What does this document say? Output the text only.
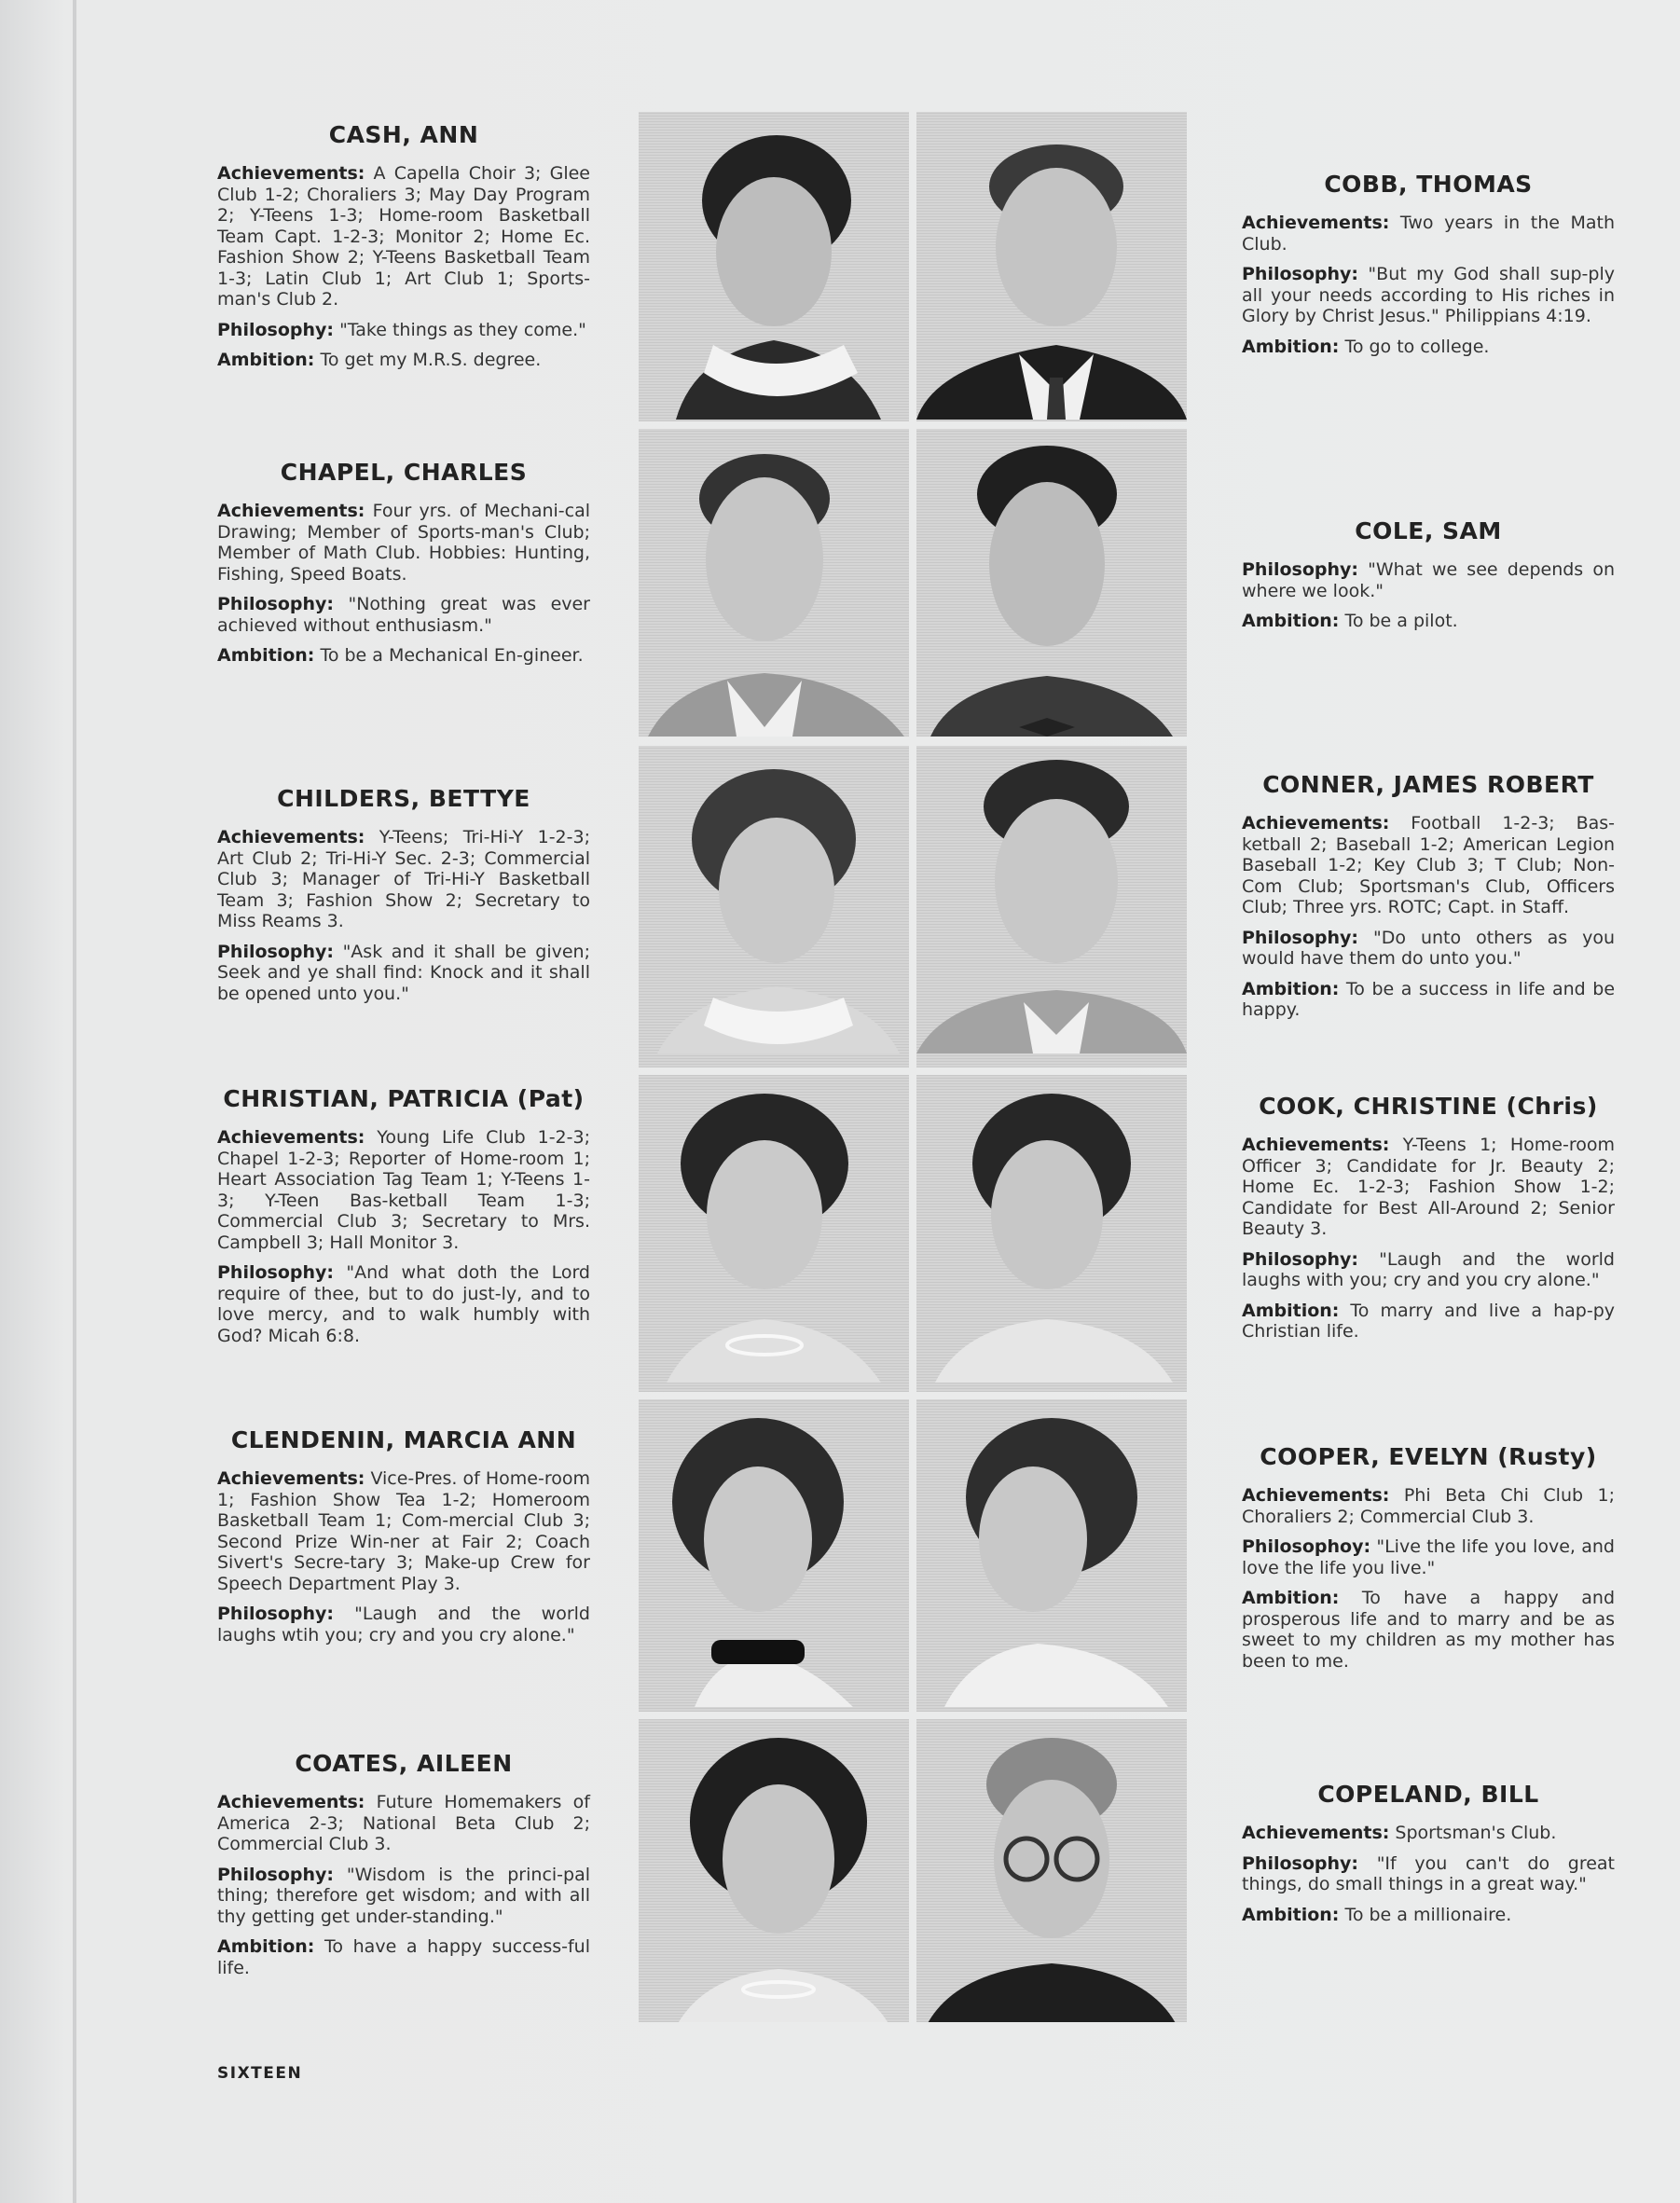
CASH, ANN

Achievements: A Capella Choir 3; Glee Club 1-2; Choraliers 3; May Day Program 2; Y-Teens 1-3; Home-room Basketball Team Capt. 1-2-3; Monitor 2; Home Ec. Fashion Show 2; Y-Teens Basketball Team 1-3; Latin Club 1; Art Club 1; Sports-man's Club 2.

Philosophy: "Take things as they come."

Ambition: To get my M.R.S. degree.

CHAPEL, CHARLES

Achievements: Four yrs. of Mechani-cal Drawing; Member of Sports-man's Club; Member of Math Club. Hobbies: Hunting, Fishing, Speed Boats.

Philosophy: "Nothing great was ever achieved without enthusiasm."

Ambition: To be a Mechanical En-gineer.

CHILDERS, BETTYE

Achievements: Y-Teens; Tri-Hi-Y 1-2-3; Art Club 2; Tri-Hi-Y Sec. 2-3; Commercial Club 3; Manager of Tri-Hi-Y Basketball Team 3; Fashion Show 2; Secretary to Miss Reams 3.

Philosophy: "Ask and it shall be given; Seek and ye shall find: Knock and it shall be opened unto you."

CHRISTIAN, PATRICIA (Pat)

Achievements: Young Life Club 1-2-3; Chapel 1-2-3; Reporter of Home-room 1; Heart Association Tag Team 1; Y-Teens 1-3; Y-Teen Bas-ketball Team 1-3; Commercial Club 3; Secretary to Mrs. Campbell 3; Hall Monitor 3.

Philosophy: "And what doth the Lord require of thee, but to do just-ly, and to love mercy, and to walk humbly with God? Micah 6:8.

CLENDENIN, MARCIA ANN

Achievements: Vice-Pres. of Home-room 1; Fashion Show Tea 1-2; Homeroom Basketball Team 1; Com-mercial Club 3; Second Prize Win-ner at Fair 2; Coach Sivert's Secre-tary 3; Make-up Crew for Speech Department Play 3.

Philosophy: "Laugh and the world laughs wtih you; cry and you cry alone."

COATES, AILEEN

Achievements: Future Homemakers of America 2-3; National Beta Club 2; Commercial Club 3.

Philosophy: "Wisdom is the princi-pal thing; therefore get wisdom; and with all thy getting get under-standing."

Ambition: To have a happy success-ful life.

COBB, THOMAS

Achievements: Two years in the Math Club.

Philosophy: "But my God shall sup-ply all your needs according to His riches in Glory by Christ Jesus." Philippians 4:19.

Ambition: To go to college.

COLE, SAM

Philosophy: "What we see depends on where we look."

Ambition: To be a pilot.

CONNER, JAMES ROBERT

Achievements: Football 1-2-3; Bas-ketball 2; Baseball 1-2; American Legion Baseball 1-2; Key Club 3; T Club; Non-Com Club; Sportsman's Club, Officers Club; Three yrs. ROTC; Capt. in Staff.

Philosophy: "Do unto others as you would have them do unto you."

Ambition: To be a success in life and be happy.

COOK, CHRISTINE (Chris)

Achievements: Y-Teens 1; Home-room Officer 3; Candidate for Jr. Beauty 2; Home Ec. 1-2-3; Fashion Show 1-2; Candidate for Best All-Around 2; Senior Beauty 3.

Philosophy: "Laugh and the world laughs with you; cry and you cry alone."

Ambition: To marry and live a hap-py Christian life.

COOPER, EVELYN (Rusty)

Achievements: Phi Beta Chi Club 1; Choraliers 2; Commercial Club 3.

Philosophoy: "Live the life you love, and love the life you live."

Ambition: To have a happy and prosperous life and to marry and be as sweet to my children as my mother has been to me.

COPELAND, BILL

Achievements: Sportsman's Club.

Philosophy: "If you can't do great things, do small things in a great way."

Ambition: To be a millionaire.

SIXTEEN
